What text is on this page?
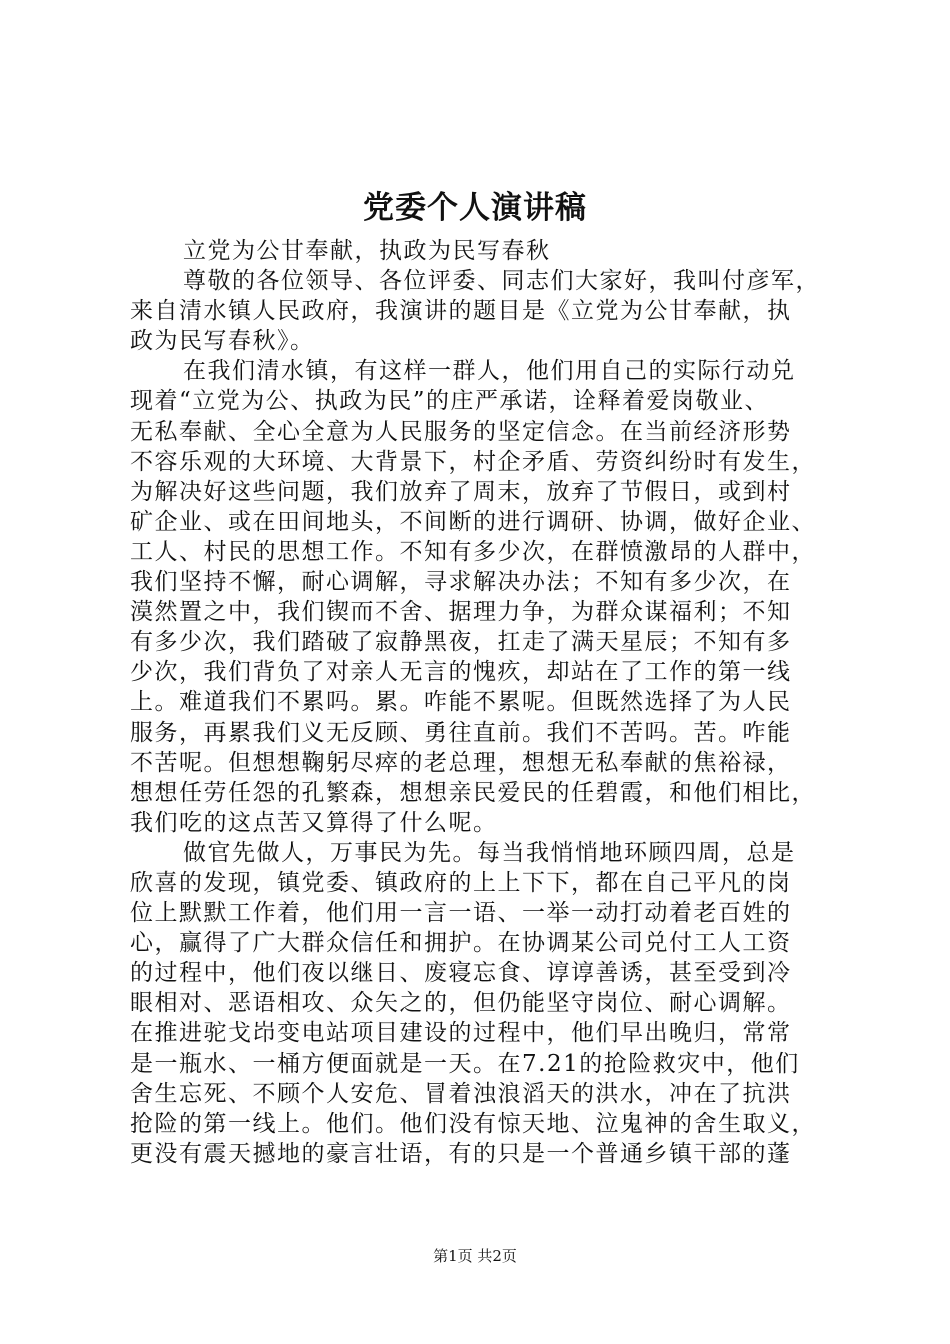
党委个人演讲稿
立党为公甘奉献，执政为民写春秋
尊敬的各位领导、各位评委、同志们大家好，我叫付彦军，
来自清水镇人民政府，我演讲的题目是《立党为公甘奉献，执
政为民写春秋》。
在我们清水镇，有这样一群人，他们用自己的实际行动兑
现着“立党为公、执政为民”的庄严承诺，诠释着爱岗敬业、
无私奉献、全心全意为人民服务的坚定信念。在当前经济形势
不容乐观的大环境、大背景下，村企矛盾、劳资纠纷时有发生，
为解决好这些问题，我们放弃了周末，放弃了节假日，或到村
矿企业、或在田间地头，不间断的进行调研、协调，做好企业、
工人、村民的思想工作。不知有多少次，在群愤激昂的人群中，
我们坚持不懈，耐心调解，寻求解决办法；不知有多少次，在
漠然置之中，我们锲而不舍、据理力争，为群众谋福利；不知
有多少次，我们踏破了寂静黑夜，扛走了满天星辰；不知有多
少次，我们背负了对亲人无言的愧疚，却站在了工作的第一线
上。难道我们不累吗。累。咋能不累呢。但既然选择了为人民
服务，再累我们义无反顾、勇往直前。我们不苦吗。苦。咋能
不苦呢。但想想鞠躬尽瘁的老总理，想想无私奉献的焦裕禄，
想想任劳任怨的孔繁森，想想亲民爱民的任碧霞，和他们相比，
我们吃的这点苦又算得了什么呢。
做官先做人，万事民为先。每当我悄悄地环顾四周，总是
欣喜的发现，镇党委、镇政府的上上下下，都在自己平凡的岗
位上默默工作着，他们用一言一语、一举一动打动着老百姓的
心，赢得了广大群众信任和拥护。在协调某公司兑付工人工资
的过程中，他们夜以继日、废寝忘食、谆谆善诱，甚至受到冷
眼相对、恶语相攻、众矢之的，但仍能坚守岗位、耐心调解。
在推进驼戈岇变电站项目建设的过程中，他们早出晚归，常常
是一瓶水、一桶方便面就是一天。在7.21的抢险救灾中，他们
舍生忘死、不顾个人安危、冒着浊浪滔天的洪水，冲在了抗洪
抢险的第一线上。他们。他们没有惊天地、泣鬼神的舍生取义，
更没有震天撼地的豪言壮语，有的只是一个普通乡镇干部的蓬
第1页 共2页
